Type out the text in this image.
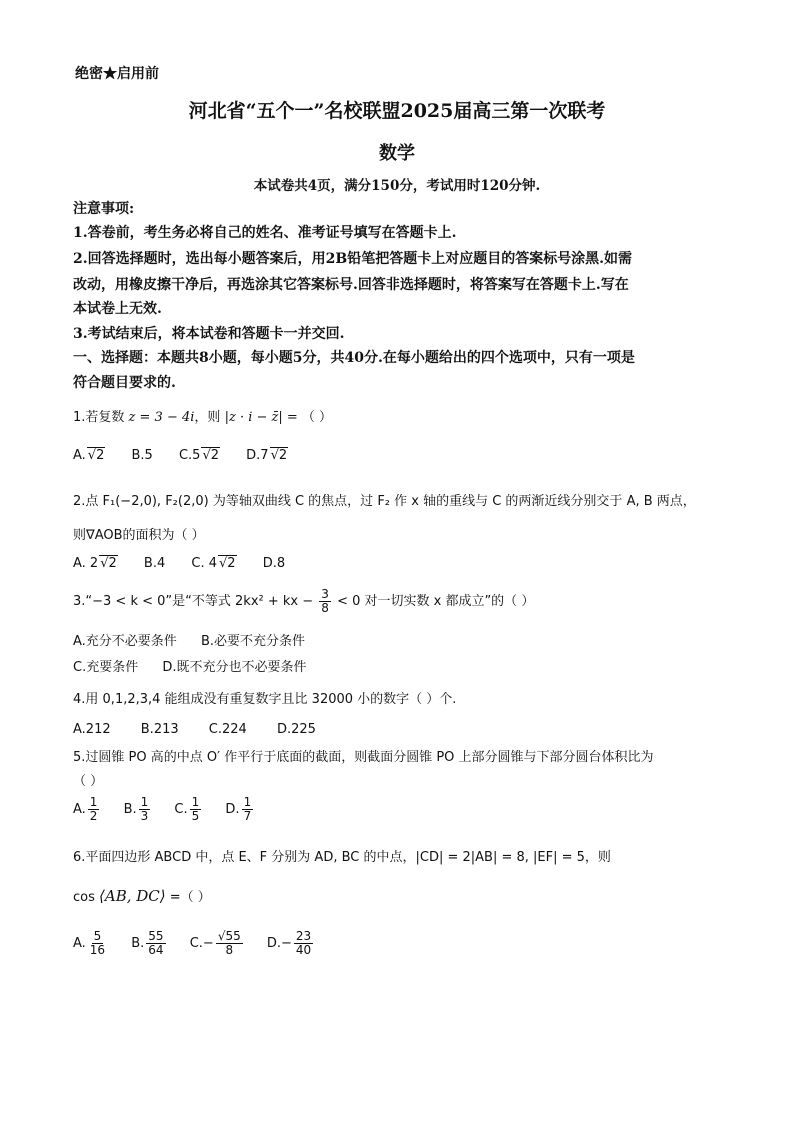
绝密★启用前
河北省“五个一”名校联盟2025届高三第一次联考
数学
本试卷共4页，满分150分，考试用时120分钟.
注意事项:
1.答卷前，考生务必将自己的姓名、准考证号填写在答题卡上.
2.回答选择题时，选出每小题答案后，用2B铅笔把答题卡上对应题目的答案标号涂黑.如需
改动，用橡皮擦干净后，再选涂其它答案标号.回答非选择题时，将答案写在答题卡上.写在
本试卷上无效.
3.考试结束后，将本试卷和答题卡一并交回.
一、选择题：本题共8小题，每小题5分，共40分.在每小题给出的四个选项中，只有一项是
符合题目要求的.
1.若复数 z = 3 − 4i，则 |z · i − z̄| = （ ）
A. √2 B.5 C.5 √2 D.7 √2
2.点 F₁(−2,0), F₂(2,0) 为等轴双曲线 C 的焦点，过 F₂ 作 x 轴的重线与 C 的两渐近线分别交于 A, B 两点，
则∇AOB的面积为（ ）
A. 2 √2 B.4 C. 4 √2 D.8
3.“−3 < k < 0”是“不等式 2kx² + kx − $\frac{3}{8} < 0$ 对一切实数 x 都成立”的（ ）
A.充分不必要条件 B.必要不充分条件
C.充要条件 D.既不充分也不必要条件
4.用 0,1,2,3,4 能组成没有重复数字且比 32000 小的数字（ ）个.
A.212 B.213 C.224 D.225
5.过圆锥 PO 高的中点 O′ 作平行于底面的截面，则截面分圆锥 PO 上部分圆锥与下部分圆台体积比为
（ ）
A. $\frac{1}{2} B$. $\frac{1}{3} C$. $\frac{1}{5} D$. $\frac{1}{7}$
6.平面四边形 ABCD 中，点 E、F 分别为 AD, BC 的中点，|CD| = 2|AB| = 8, |EF| = 5，则
cos ⟨AB, DC⟩ =（ ）
A. $\frac{5}{16} B$. $\frac{55}{64} C.- \frac{√55}{8} D.- \frac{23}{40}$
